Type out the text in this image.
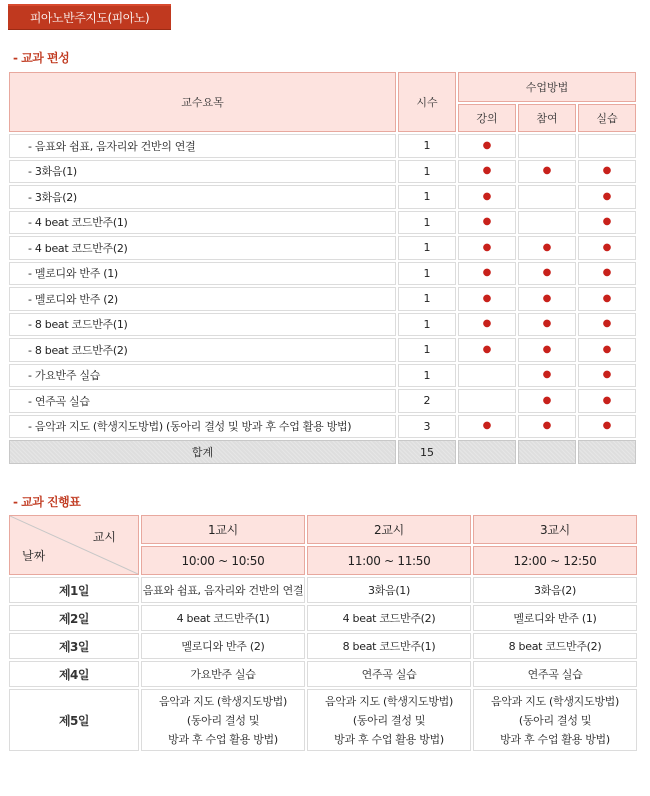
피아노반주지도(피아노)
- 교과 편성
교수요목	시수	수업방법		
		강의	참여	실습
- 음표와 쉼표, 음자리와 건반의 연결	1	●		
- 3화음(1)	1	●	●	●
- 3화음(2)	1	●		●
- 4 beat 코드반주(1)	1	●		●
- 4 beat 코드반주(2)	1	●	●	●
- 멜로디와 반주 (1)	1	●	●	●
- 멜로디와 반주 (2)	1	●	●	●
- 8 beat 코드반주(1)	1	●	●	●
- 8 beat 코드반주(2)	1	●	●	●
- 가요반주 실습	1		●	●
- 연주곡 실습	2		●	●
- 음악과 지도 (학생지도방법) (동아리 결성 및 방과 후 수업 활용 방법)	3	●	●	●
합계	15			
- 교과 진행표
교시
날짜	1교시	2교시	3교시
	10:00 ~ 10:50	11:00 ~ 11:50	12:00 ~ 12:50
제1일	음표와 쉼표, 음자리와 건반의 연결	3화음(1)	3화음(2)

제2일	4 beat 코드반주(1)	4 beat 코드반주(2)	멜로디와 반주 (1)

제3일	멜로디와 반주 (2)	8 beat 코드반주(1)	8 beat 코드반주(2)

제4일	가요반주 실습	연주곡 실습	연주곡 실습

제5일	음악과 지도 (학생지도방법)
(동아리 결성 및
방과 후 수업 활용 방법)	음악과 지도 (학생지도방법)
(동아리 결성 및
방과 후 수업 활용 방법)	음악과 지도 (학생지도방법)
(동아리 결성 및
방과 후 수업 활용 방법)
